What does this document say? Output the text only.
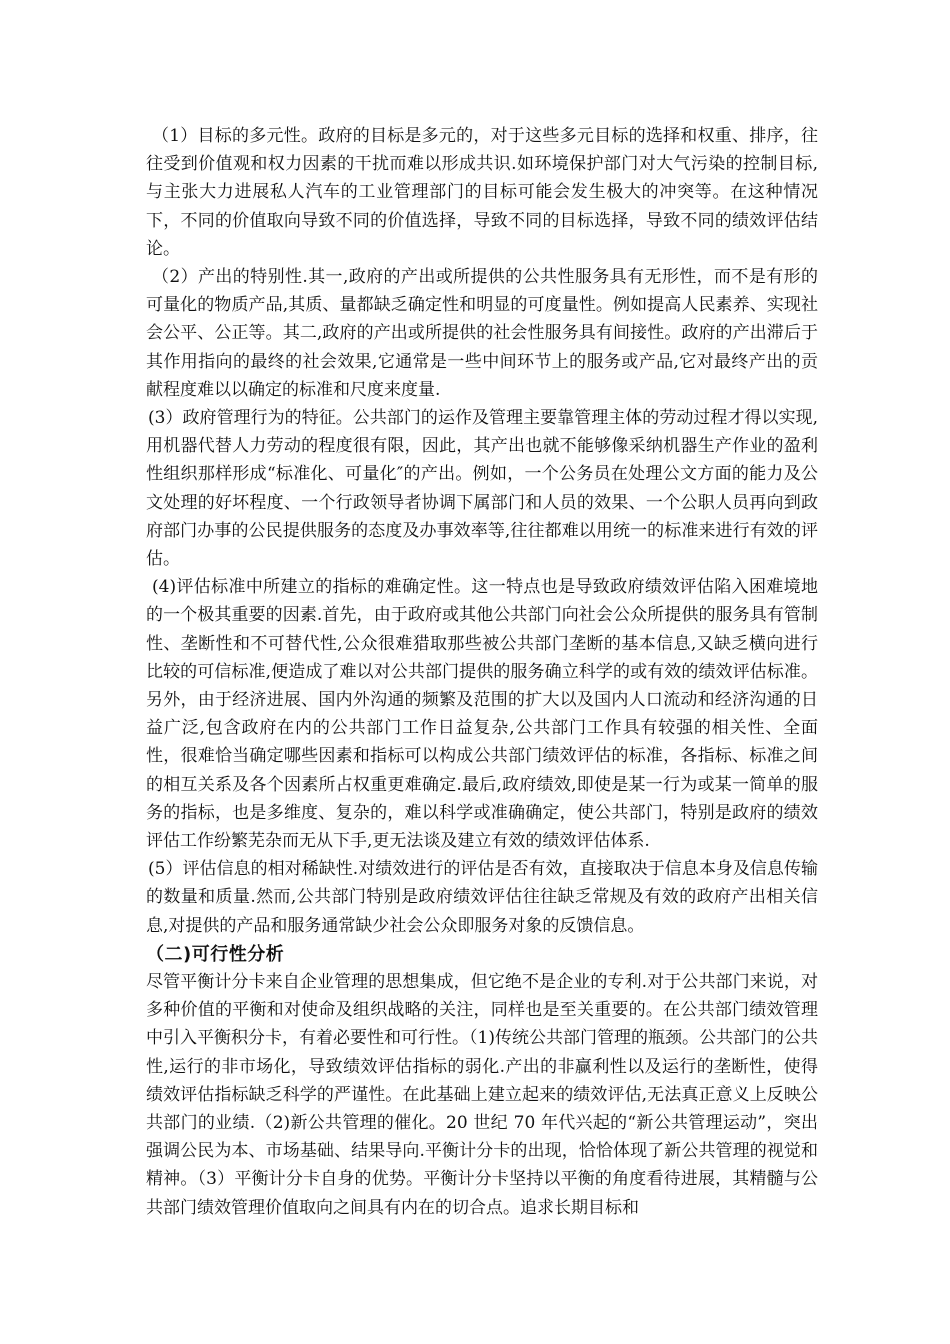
（1）目标的多元性。政府的目标是多元的，对于这些多元目标的选择和权重、排序，往往受到价值观和权力因素的干扰而难以形成共识.如环境保护部门对大气污染的控制目标,与主张大力进展私人汽车的工业管理部门的目标可能会发生极大的冲突等。在这种情况下，不同的价值取向导致不同的价值选择，导致不同的目标选择，导致不同的绩效评估结论。

（2）产出的特别性.其一,政府的产出或所提供的公共性服务具有无形性，而不是有形的可量化的物质产品,其质、量都缺乏确定性和明显的可度量性。例如提高人民素养、实现社会公平、公正等。其二,政府的产出或所提供的社会性服务具有间接性。政府的产出滞后于其作用指向的最终的社会效果,它通常是一些中间环节上的服务或产品,它对最终产出的贡献程度难以以确定的标准和尺度来度量.

(3）政府管理行为的特征。公共部门的运作及管理主要靠管理主体的劳动过程才得以实现,用机器代替人力劳动的程度很有限，因此，其产出也就不能够像采纳机器生产作业的盈利性组织那样形成“标准化、可量化″的产出。例如，一个公务员在处理公文方面的能力及公文处理的好坏程度、一个行政领导者协调下属部门和人员的效果、一个公职人员再向到政府部门办事的公民提供服务的态度及办事效率等,往往都难以用统一的标准来进行有效的评估。

(4)评估标准中所建立的指标的难确定性。这一特点也是导致政府绩效评估陷入困难境地的一个极其重要的因素.首先，由于政府或其他公共部门向社会公众所提供的服务具有管制性、垄断性和不可替代性,公众很难猎取那些被公共部门垄断的基本信息,又缺乏横向进行比较的可信标准,便造成了难以对公共部门提供的服务确立科学的或有效的绩效评估标准。另外，由于经济进展、国内外沟通的频繁及范围的扩大以及国内人口流动和经济沟通的日益广泛,包含政府在内的公共部门工作日益复杂,公共部门工作具有较强的相关性、全面性，很难恰当确定哪些因素和指标可以构成公共部门绩效评估的标准，各指标、标准之间的相互关系及各个因素所占权重更难确定.最后,政府绩效,即使是某一行为或某一简单的服务的指标，也是多维度、复杂的，难以科学或准确确定，使公共部门，特别是政府的绩效评估工作纷繁芜杂而无从下手,更无法谈及建立有效的绩效评估体系.

(5）评估信息的相对稀缺性.对绩效进行的评估是否有效，直接取决于信息本身及信息传输的数量和质量.然而,公共部门特别是政府绩效评估往往缺乏常规及有效的政府产出相关信息,对提供的产品和服务通常缺少社会公众即服务对象的反馈信息。

（二)可行性分析

尽管平衡计分卡来自企业管理的思想集成，但它绝不是企业的专利.对于公共部门来说，对多种价值的平衡和对使命及组织战略的关注，同样也是至关重要的。在公共部门绩效管理中引入平衡积分卡，有着必要性和可行性。（1)传统公共部门管理的瓶颈。公共部门的公共性,运行的非市场化，导致绩效评估指标的弱化.产出的非赢利性以及运行的垄断性，使得绩效评估指标缺乏科学的严谨性。在此基础上建立起来的绩效评估,无法真正意义上反映公共部门的业绩.（2)新公共管理的催化。20 世纪 70 年代兴起的“新公共管理运动”，突出强调公民为本、市场基础、结果导向.平衡计分卡的出现，恰恰体现了新公共管理的视觉和精神。（3）平衡计分卡自身的优势。平衡计分卡坚持以平衡的角度看待进展，其精髓与公共部门绩效管理价值取向之间具有内在的切合点。追求长期目标和
